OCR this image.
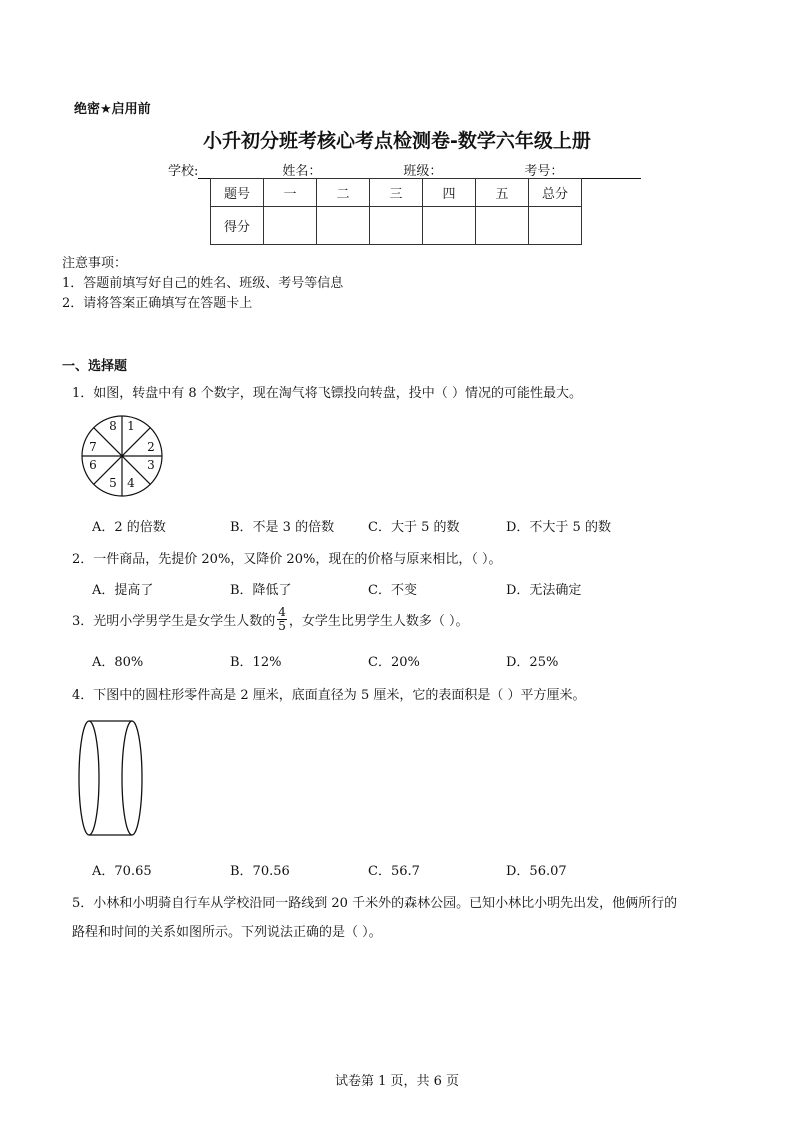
绝密★启用前
小升初分班考核心考点检测卷-数学六年级上册
学校:	姓名：	班级：	考号：
题号	一	二	三	四	五	总分
得分						
注意事项：
1．答题前填写好自己的姓名、班级、考号等信息
2．请将答案正确填写在答题卡上
一、选择题
1．如图，转盘中有 8 个数字，现在淘气将飞镖投向转盘，投中（ ）情况的可能性最大。
1
2
3
4
5
6
7
8
A．2 的倍数	B．不是 3 的倍数	C．大于 5 的数	D．不大于 5 的数
2．一件商品，先提价 20%，又降价 20%，现在的价格与原来相比，（ ）。
A．提高了	B．降低了	C．不变	D．无法确定
3．光明小学男学生是女学生人数的 $\frac{4}{5}$ ，女学生比男学生人数多（ ）。
A．80%	B．12%	C．20%	D．25%
4．下图中的圆柱形零件高是 2 厘米，底面直径为 5 厘米，它的表面积是（ ）平方厘米。
A．70.65	B．70.56	C．56.7	D．56.07
5．小林和小明骑自行车从学校沿同一路线到 20 千米外的森林公园。已知小林比小明先出发，他俩所行的
路程和时间的关系如图所示。下列说法正确的是（ ）。
试卷第 1 页，共 6 页
